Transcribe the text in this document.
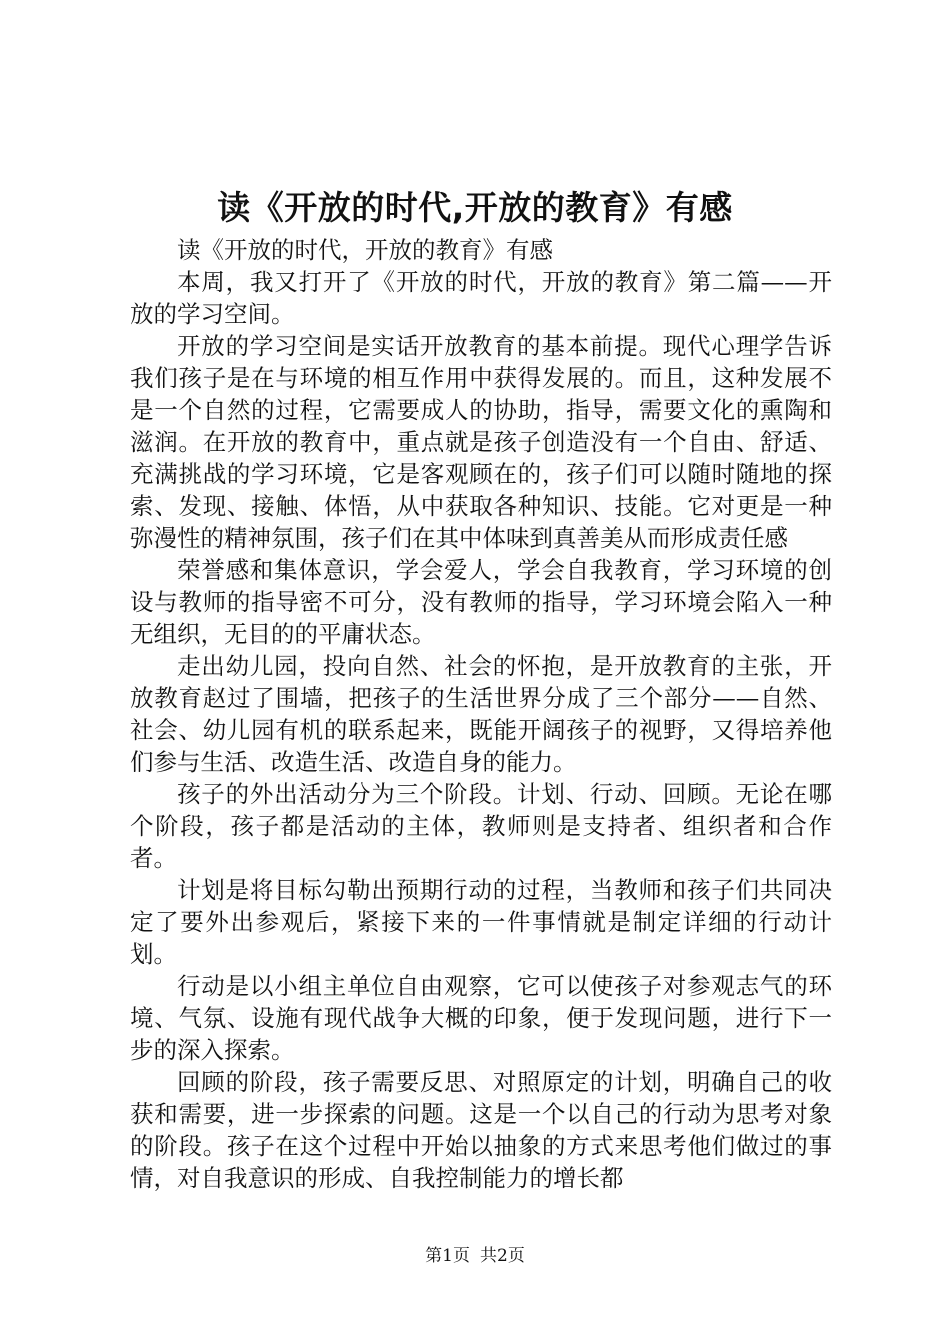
读《开放的时代,开放的教育》有感

读《开放的时代，开放的教育》有感

本周，我又打开了《开放的时代，开放的教育》第二篇——开放的学习空间。

开放的学习空间是实话开放教育的基本前提。现代心理学告诉我们孩子是在与环境的相互作用中获得发展的。而且，这种发展不是一个自然的过程，它需要成人的协助，指导，需要文化的熏陶和滋润。在开放的教育中，重点就是孩子创造没有一个自由、舒适、充满挑战的学习环境，它是客观顾在的，孩子们可以随时随地的探索、发现、接触、体悟，从中获取各种知识、技能。它对更是一种弥漫性的精神氛围，孩子们在其中体味到真善美从而形成责任感

荣誉感和集体意识，学会爱人，学会自我教育，学习环境的创设与教师的指导密不可分，没有教师的指导，学习环境会陷入一种无组织，无目的的平庸状态。

走出幼儿园，投向自然、社会的怀抱，是开放教育的主张，开放教育赵过了围墙，把孩子的生活世界分成了三个部分——自然、社会、幼儿园有机的联系起来，既能开阔孩子的视野，又得培养他们参与生活、改造生活、改造自身的能力。

孩子的外出活动分为三个阶段。计划、行动、回顾。无论在哪个阶段，孩子都是活动的主体，教师则是支持者、组织者和合作者。

计划是将目标勾勒出预期行动的过程，当教师和孩子们共同决定了要外出参观后，紧接下来的一件事情就是制定详细的行动计划。

行动是以小组主单位自由观察，它可以使孩子对参观志气的环境、气氛、设施有现代战争大概的印象，便于发现问题，进行下一步的深入探索。

回顾的阶段，孩子需要反思、对照原定的计划，明确自己的收获和需要，进一步探索的问题。这是一个以自己的行动为思考对象的阶段。孩子在这个过程中开始以抽象的方式来思考他们做过的事情，对自我意识的形成、自我控制能力的增长都

第1页 共2页
